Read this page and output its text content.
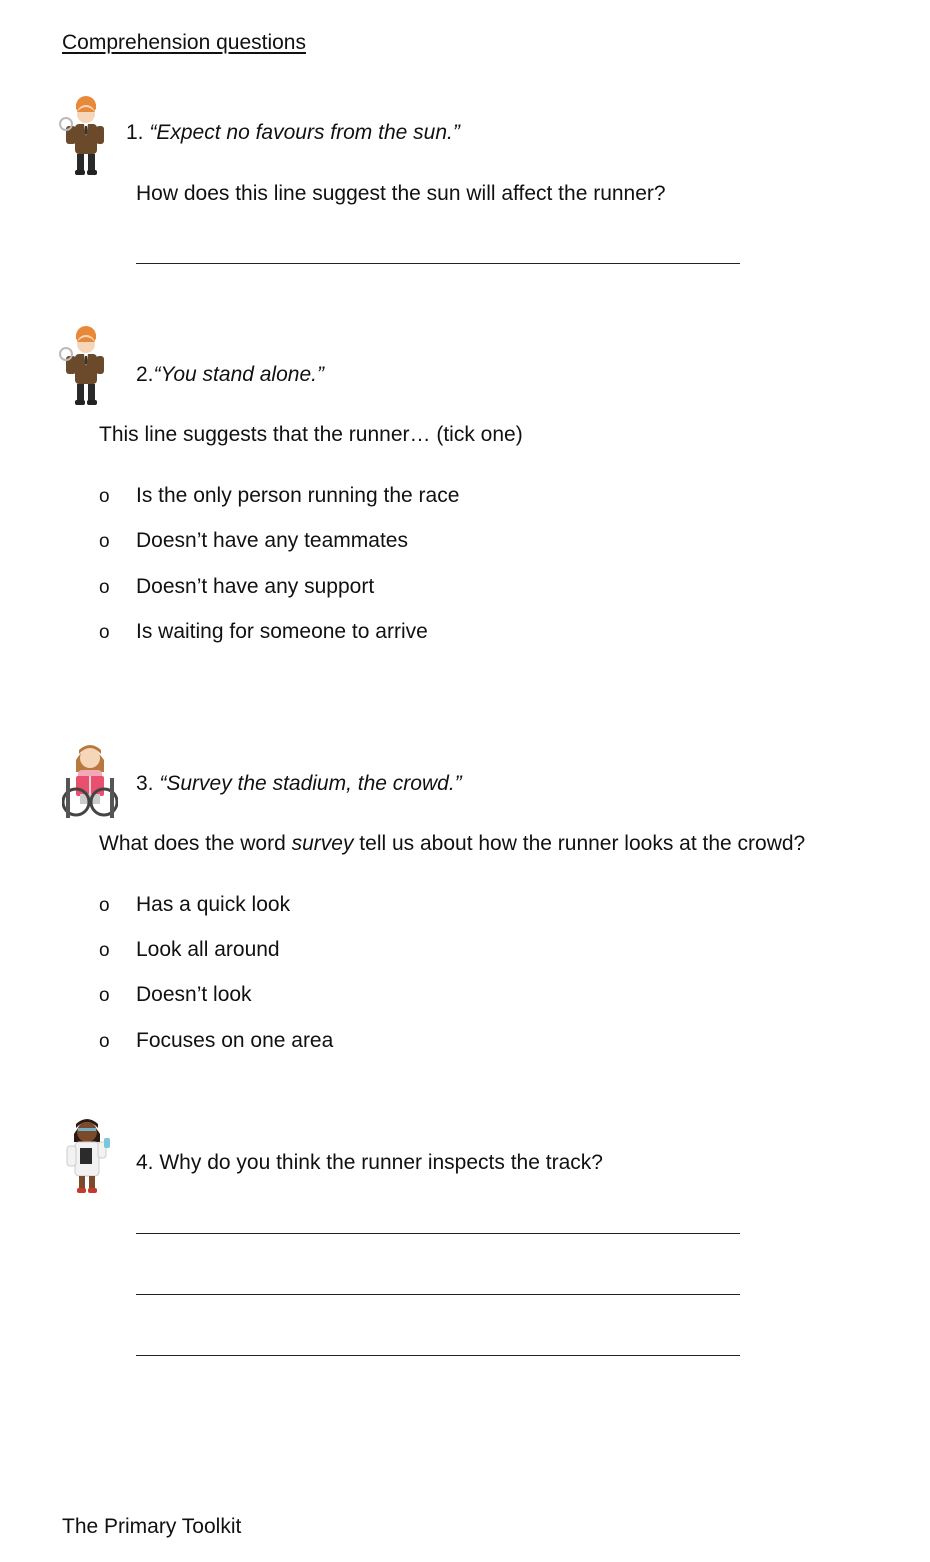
Comprehension questions
1. “Expect no favours from the sun.”
How does this line suggest the sun will affect the runner?
2.“You stand alone.”
This line suggests that the runner… (tick one)
o Is the only person running the race
o Doesn’t have any teammates
o Doesn’t have any support
o Is waiting for someone to arrive
3. “Survey the stadium, the crowd.”
What does the word survey tell us about how the runner looks at the crowd?
o Has a quick look
o Look all around
o Doesn’t look
o Focuses on one area
4. Why do you think the runner inspects the track?
The Primary Toolkit
